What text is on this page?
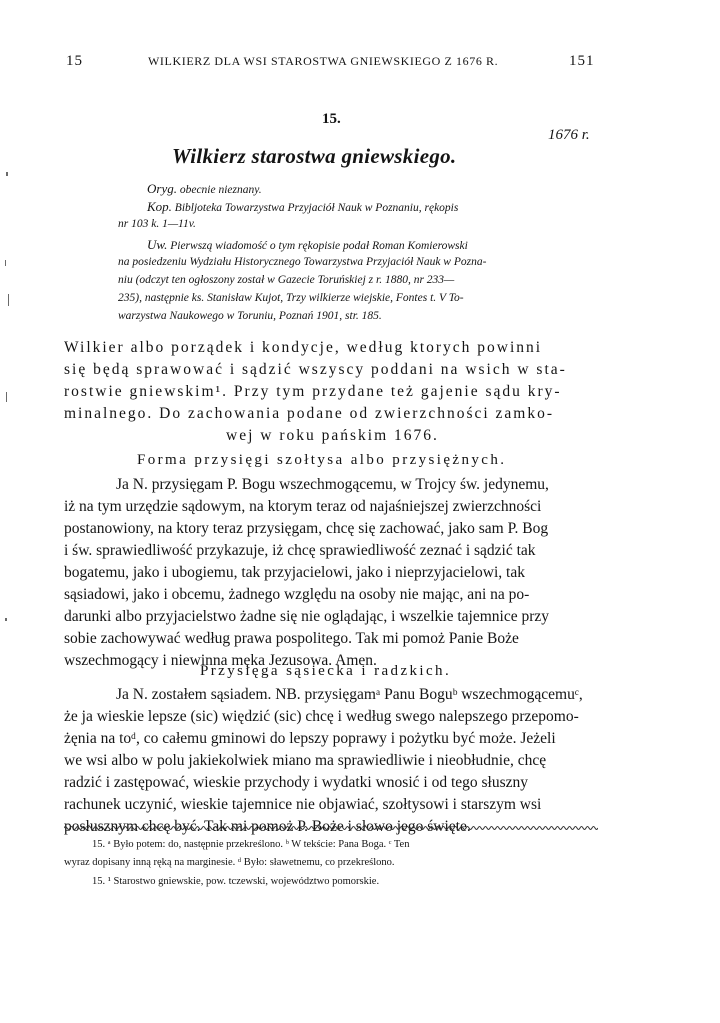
15	WILKIERZ DLA WSI STAROSTWA GNIEWSKIEGO Z 1676 R.	151
15.
1676 r.
Wilkierz starostwa gniewskiego.
Oryg. obecnie nieznany.
Kop. Bibljoteka Towarzystwa Przyjaciół Nauk w Poznaniu, rękopis
nr 103 k. 1—11v.
Uw. Pierwszą wiadomość o tym rękopisie podał Roman Komierowski
na posiedzeniu Wydziału Historycznego Towarzystwa Przyjaciół Nauk w Pozna-
niu (odczyt ten ogłoszony został w Gazecie Toruńskiej z r. 1880, nr 233—
235), następnie ks. Stanisław Kujot, Trzy wilkierze wiejskie, Fontes t. V To-
warzystwa Naukowego w Toruniu, Poznań 1901, str. 185.
Wilkier albo porządek i kondycje, według ktorych powinni
się będą sprawować i sądzić wszyscy poddani na wsich w sta-
rostwie gniewskim¹. Przy tym przydane też gajenie sądu kry-
minalnego. Do zachowania podane od zwierzchności zamko-
wej w roku pańskim 1676.
Forma przysięgi szołtysa albo przysiężnych.
Ja N. przysięgam P. Bogu wszechmogącemu, w Trojcy św. jedynemu,
iż na tym urzędzie sądowym, na ktorym teraz od najaśniejszej zwierzchności
postanowiony, na ktory teraz przysięgam, chcę się zachować, jako sam P. Bog
i św. sprawiedliwość przykazuje, iż chcę sprawiedliwość zeznać i sądzić tak
bogatemu, jako i ubogiemu, tak przyjacielowi, jako i nieprzyjacielowi, tak
sąsiadowi, jako i obcemu, żadnego względu na osoby nie mając, ani na po-
darunki albo przyjacielstwo żadne się nie oglądając, i wszelkie tajemnice przy
sobie zachowywać według prawa pospolitego. Tak mi pomoż Panie Boże
wszechmogący i niewinna męka Jezusowa. Amen.
Przysięga sąsiecka i radzkich.
Ja N. zostałem sąsiadem. NB. przysięgamᵃ Panu Boguᵇ wszechmogącemuᶜ,
że ja wieskie lepsze (sic) więdzić (sic) chcę i według swego nalepszego przepomo-
żęnia na toᵈ, co całemu gminowi do lepszy poprawy i pożytku być może. Jeżeli
we wsi albo w polu jakiekolwiek miano ma sprawiedliwie i nieobłudnie, chcę
radzić i zastępować, wieskie przychody i wydatki wnosić i od tego słuszny
rachunek uczynić, wieskie tajemnice nie objawiać, szołtysowi i starszym wsi
posłusznym chcę być. Tak mi pomoż P. Boże i słowo jego święte.
15. ᵃ Było potem: do, następnie przekreślono. ᵇ W tekście: Pana Boga. ᶜ Ten
wyraz dopisany inną ręką na marginesie. ᵈ Było: sławetnemu, co przekreślono.
15. ¹ Starostwo gniewskie, pow. tczewski, województwo pomorskie.
